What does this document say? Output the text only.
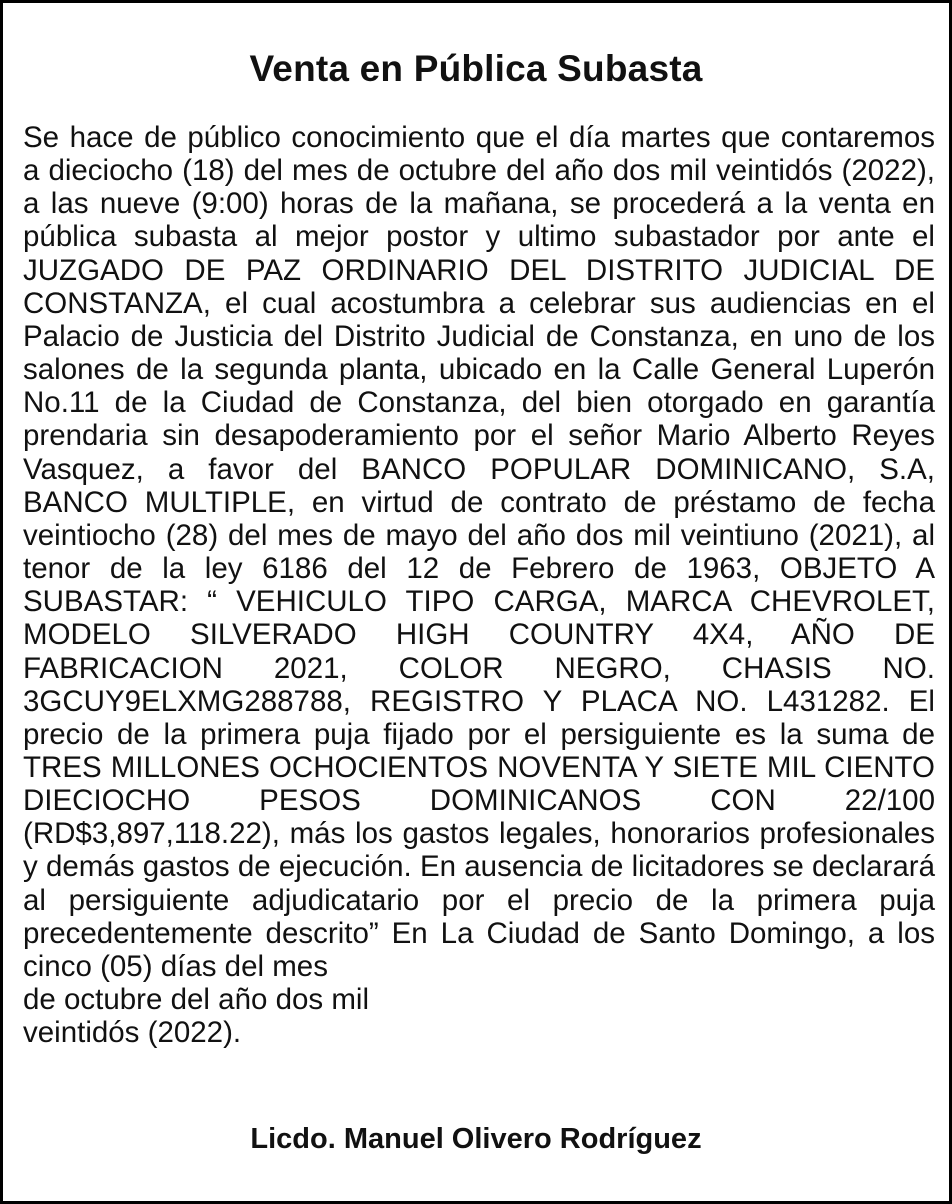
Venta en Pública Subasta
Se hace de público conocimiento que el día martes que contaremos a dieciocho (18) del mes de octubre del año dos mil veintidós (2022), a las nueve (9:00) horas de la mañana, se procederá a la venta en pública subasta al mejor postor y ultimo subastador por ante el JUZGADO DE PAZ ORDINARIO DEL DISTRITO JUDICIAL DE CONSTANZA, el cual acostumbra a celebrar sus audiencias en el Palacio de Justicia del Distrito Judicial de Constanza, en uno de los salones de la segunda planta, ubicado en la Calle General Luperón No.11 de la Ciudad de Constanza, del bien otorgado en garantía prendaria sin desapoderamiento por el señor Mario Alberto Reyes Vasquez, a favor del BANCO POPULAR DOMINICANO, S.A, BANCO MULTIPLE, en virtud de contrato de préstamo de fecha veintiocho (28) del mes de mayo del año dos mil veintiuno (2021), al tenor de la ley 6186 del 12 de Febrero de 1963, OBJETO A SUBASTAR: “ VEHICULO TIPO CARGA, MARCA CHEVROLET, MODELO SILVERADO HIGH COUNTRY 4X4, AÑO DE FABRICACION 2021, COLOR NEGRO, CHASIS NO. 3GCUY9ELXMG288788, REGISTRO Y PLACA NO. L431282. El precio de la primera puja fijado por el persiguiente es la suma de TRES MILLONES OCHOCIENTOS NOVENTA Y SIETE MIL CIENTO DIECIOCHO PESOS DOMINICANOS CON 22/100 (RD$3,897,118.22), más los gastos legales, honorarios profesionales y demás gastos de ejecución. En ausencia de licitadores se declarará al persiguiente adjudicatario por el precio de la primera puja precedentemente descrito” En La Ciudad de Santo Domingo, a los cinco (05) días del mes
de octubre del año dos mil
veintidós (2022).

Licdo. Manuel Olivero Rodríguez
